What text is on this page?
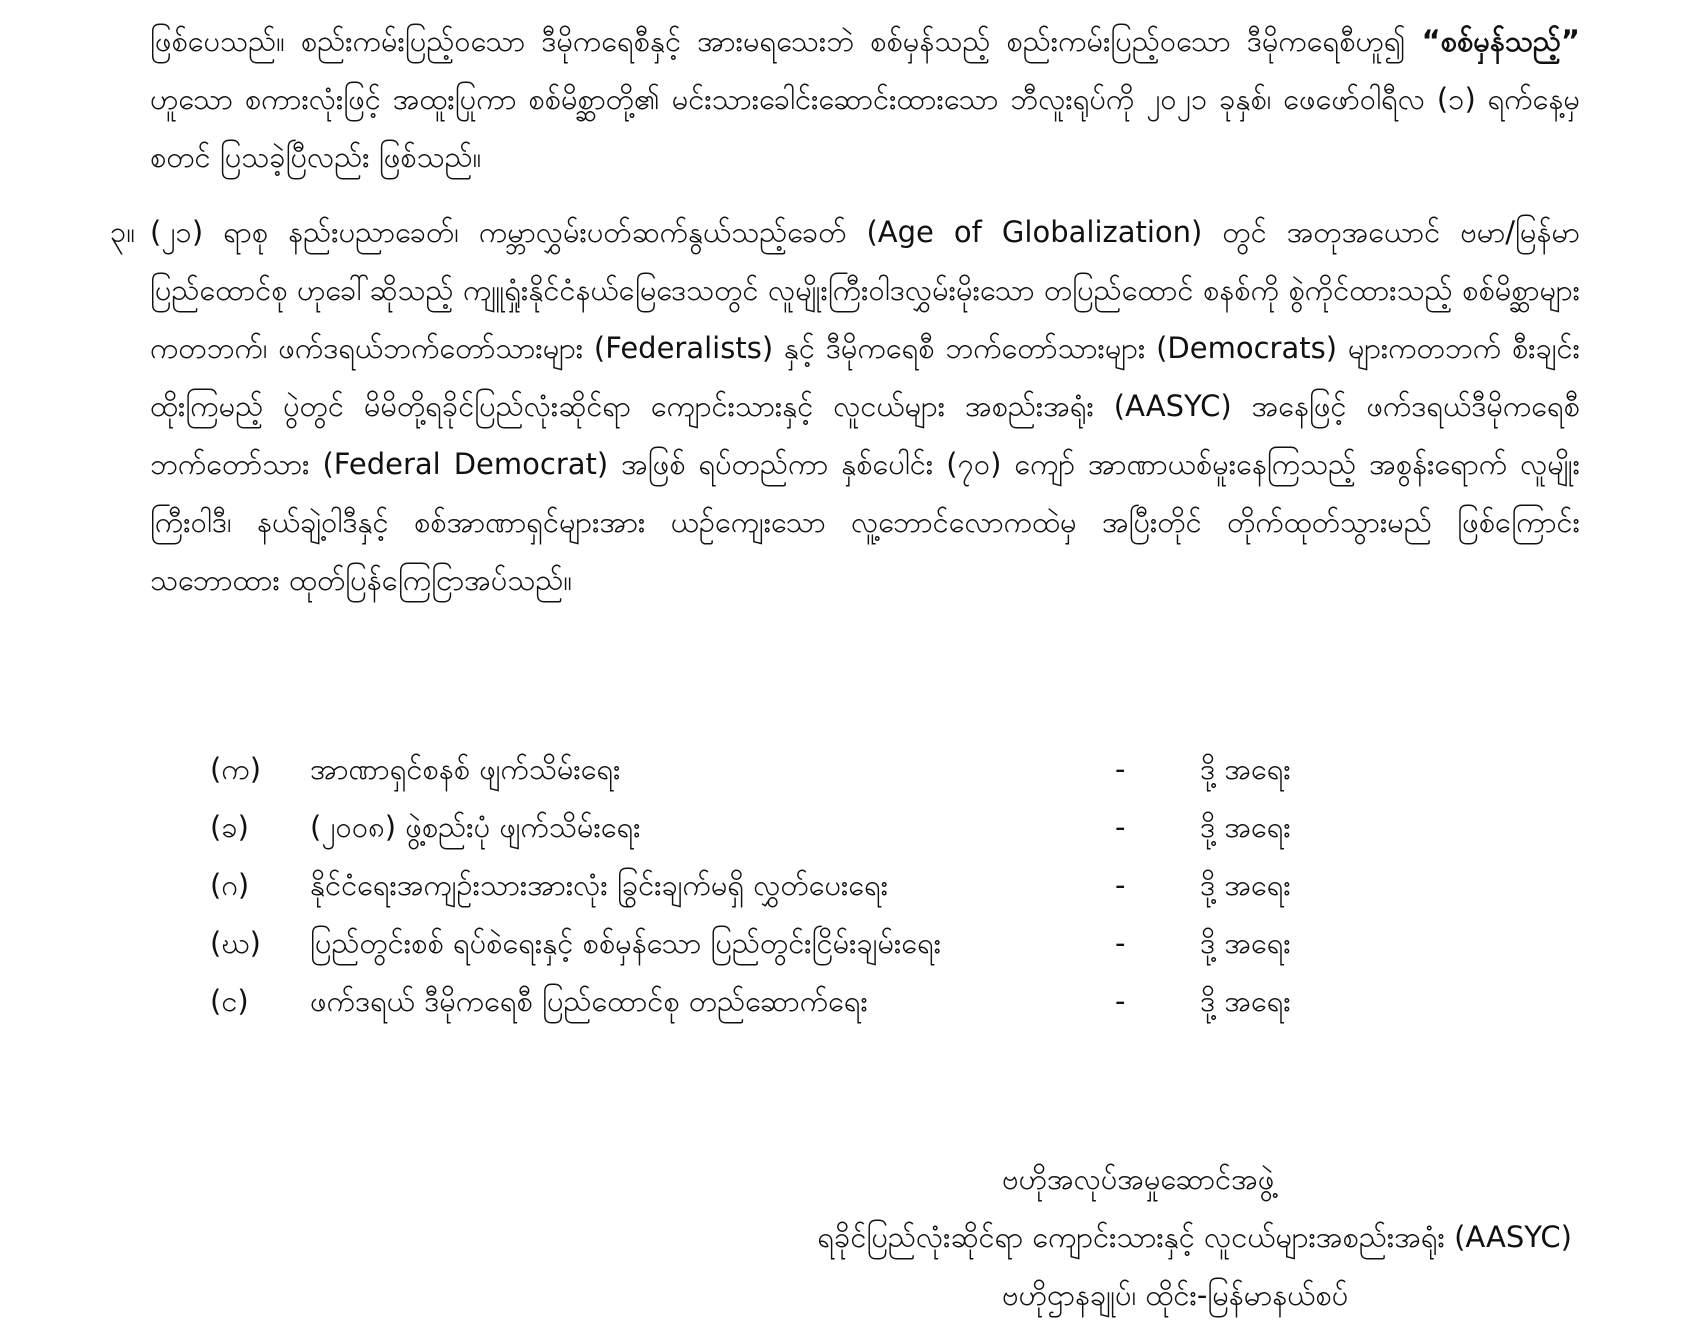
ဖြစ်ပေသည်။ စည်းကမ်းပြည့်ဝသော ဒီမိုကရေစီနှင့် အားမရသေးဘဲ စစ်မှန်သည့် စည်းကမ်းပြည့်ဝသော ဒီမိုကရေစီဟူ၍ “စစ်မှန်သည့်” ဟူသော စကားလုံးဖြင့် အထူးပြုကာ စစ်မိစ္ဆာတို့၏ မင်းသားခေါင်းဆောင်းထားသော ဘီလူးရုပ်ကို ၂၀၂၁ ခုနှစ်၊ ဖေဖော်ဝါရီလ (၁) ရက်နေ့မှ စတင် ပြသခဲ့ပြီလည်း ဖြစ်သည်။

၃။ (၂၁) ရာစု နည်းပညာခေတ်၊ ကမ္ဘာလွှမ်းပတ်ဆက်နွယ်သည့်ခေတ် (Age of Globalization) တွင် အတုအယောင် ဗမာ/မြန်မာ ပြည်ထောင်စု ဟုခေါ်ဆိုသည့် ကျူရှုံးနိုင်ငံနယ်မြေဒေသတွင် လူမျိုးကြီးဝါဒလွှမ်းမိုးသော တပြည်ထောင် စနစ်ကို စွဲကိုင်ထားသည့် စစ်မိစ္ဆာများကတဘက်၊ ဖက်ဒရယ်ဘက်တော်သားများ (Federalists) နှင့် ဒီမိုကရေစီ ဘက်တော်သားများ (Democrats) များကတဘက် စီးချင်းထိုးကြမည့် ပွဲတွင် မိမိတို့ရခိုင်ပြည်လုံးဆိုင်ရာ ကျောင်းသားနှင့် လူငယ်များ အစည်းအရုံး (AASYC) အနေဖြင့် ဖက်ဒရယ်ဒီမိုကရေစီဘက်တော်သား (Federal Democrat) အဖြစ် ရပ်တည်ကာ နှစ်ပေါင်း (၇၀) ကျော် အာဏာယစ်မူးနေကြသည့် အစွန်းရောက် လူမျိုးကြီးဝါဒီ၊ နယ်ချဲ့ဝါဒီနှင့် စစ်အာဏာရှင်များအား ယဉ်ကျေးသော လူ့ဘောင်လောကထဲမှ အပြီးတိုင် တိုက်ထုတ်သွားမည် ဖြစ်ကြောင်း သဘောထား ထုတ်ပြန်ကြေငြာအပ်သည်။

(က) အာဏာရှင်စနစ် ဖျက်သိမ်းရေး	-	ဒို့ အရေး
(ခ) (၂၀၀၈) ဖွဲ့စည်းပုံ ဖျက်သိမ်းရေး	-	ဒို့ အရေး
(ဂ) နိုင်ငံရေးအကျဉ်းသားအားလုံး ခြွင်းချက်မရှိ လွှတ်ပေးရေး	-	ဒို့ အရေး
(ဃ) ပြည်တွင်းစစ် ရပ်စဲရေးနှင့် စစ်မှန်သော ပြည်တွင်းငြိမ်းချမ်းရေး	-	ဒို့ အရေး
(င) ဖက်ဒရယ် ဒီမိုကရေစီ ပြည်ထောင်စု တည်ဆောက်ရေး	-	ဒို့ အရေး
ဗဟိုအလုပ်အမှုဆောင်အဖွဲ့
ရခိုင်ပြည်လုံးဆိုင်ရာ ကျောင်းသားနှင့် လူငယ်များအစည်းအရုံး (AASYC)
ဗဟိုဌာနချုပ်၊ ထိုင်း-မြန်မာနယ်စပ်
